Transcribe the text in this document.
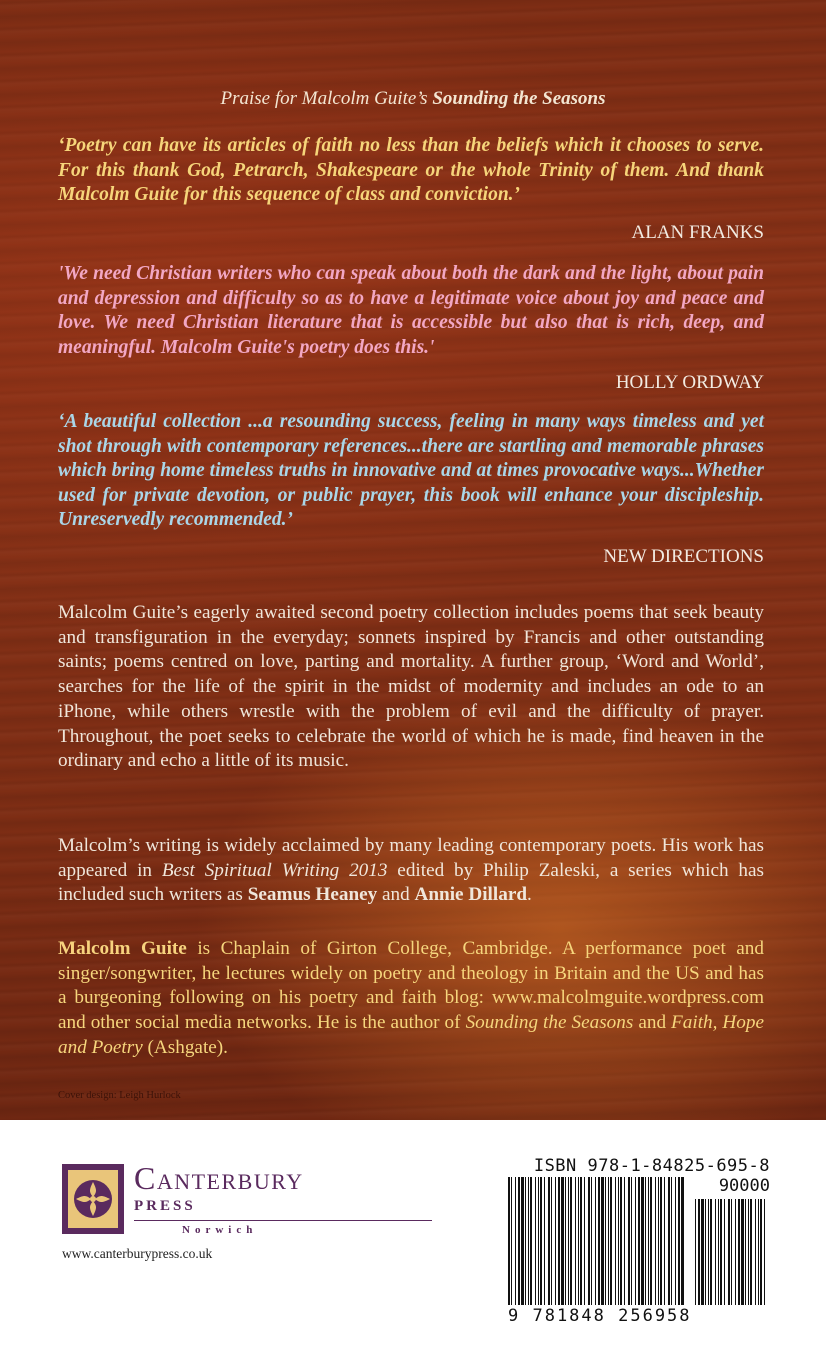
Praise for Malcolm Guite’s Sounding the Seasons

‘Poetry can have its articles of faith no less than the beliefs which it chooses to serve. For this thank God, Petrarch, Shakespeare or the whole Trinity of them. And thank Malcolm Guite for this sequence of class and conviction.’

ALAN FRANKS

'We need Christian writers who can speak about both the dark and the light, about pain and depression and difficulty so as to have a legitimate voice about joy and peace and love. We need Christian literature that is accessible but also that is rich, deep, and meaningful. Malcolm Guite's poetry does this.'

HOLLY ORDWAY

‘A beautiful collection ...a resounding success, feeling in many ways timeless and yet shot through with contemporary references...there are startling and memorable phrases which bring home timeless truths in innovative and at times provocative ways...Whether used for private devotion, or public prayer, this book will enhance your discipleship. Unreservedly recommended.’

NEW DIRECTIONS

Malcolm Guite’s eagerly awaited second poetry collection includes poems that seek beauty and transfiguration in the everyday; sonnets inspired by Francis and other outstanding saints; poems centred on love, parting and mortality. A further group, ‘Word and World’, searches for the life of the spirit in the midst of modernity and includes an ode to an iPhone, while others wrestle with the problem of evil and the difficulty of prayer. Throughout, the poet seeks to celebrate the world of which he is made, find heaven in the ordinary and echo a little of its music.

Malcolm’s writing is widely acclaimed by many leading contemporary poets. His work has appeared in Best Spiritual Writing 2013 edited by Philip Zaleski, a series which has included such writers as Seamus Heaney and Annie Dillard.

Malcolm Guite is Chaplain of Girton College, Cambridge. A performance poet and singer/songwriter, he lectures widely on poetry and theology in Britain and the US and has a burgeoning following on his poetry and faith blog: www.malcolmguite.wordpress.com and other social media networks. He is the author of Sounding the Seasons and Faith, Hope and Poetry (Ashgate).

Cover design: Leigh Hurlock
Canterbury
PRESS
Norwich
www.canterburypress.co.uk
ISBN 978-1-84825-695-8
90000
9 781848 256958
